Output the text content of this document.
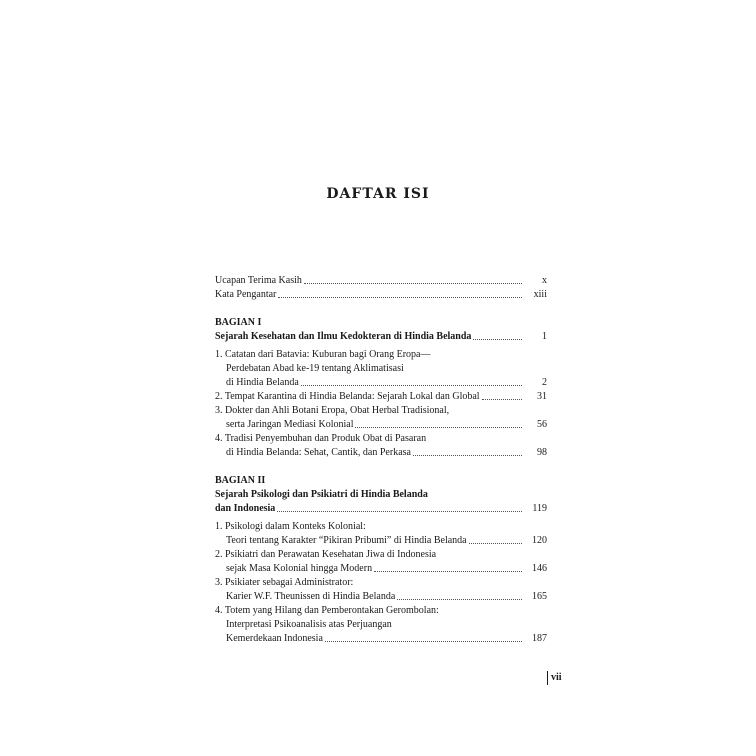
DAFTAR ISI
Ucapan Terima Kasih	x
Kata Pengantar	xiii
BAGIAN I
Sejarah Kesehatan dan Ilmu Kedokteran di Hindia Belanda	1
1. Catatan dari Batavia: Kuburan bagi Orang Eropa—
Perdebatan Abad ke-19 tentang Aklimatisasi
di Hindia Belanda	2
2. Tempat Karantina di Hindia Belanda: Sejarah Lokal dan Global	31
3. Dokter dan Ahli Botani Eropa, Obat Herbal Tradisional,
serta Jaringan Mediasi Kolonial	56
4. Tradisi Penyembuhan dan Produk Obat di Pasaran
di Hindia Belanda: Sehat, Cantik, dan Perkasa	98
BAGIAN II
Sejarah Psikologi dan Psikiatri di Hindia Belanda
dan Indonesia	119
1. Psikologi dalam Konteks Kolonial:
Teori tentang Karakter “Pikiran Pribumi” di Hindia Belanda	120
2. Psikiatri dan Perawatan Kesehatan Jiwa di Indonesia
sejak Masa Kolonial hingga Modern	146
3. Psikiater sebagai Administrator:
Karier W.F. Theunissen di Hindia Belanda	165
4. Totem yang Hilang dan Pemberontakan Gerombolan:
Interpretasi Psikoanalisis atas Perjuangan
Kemerdekaan Indonesia	187
vii
